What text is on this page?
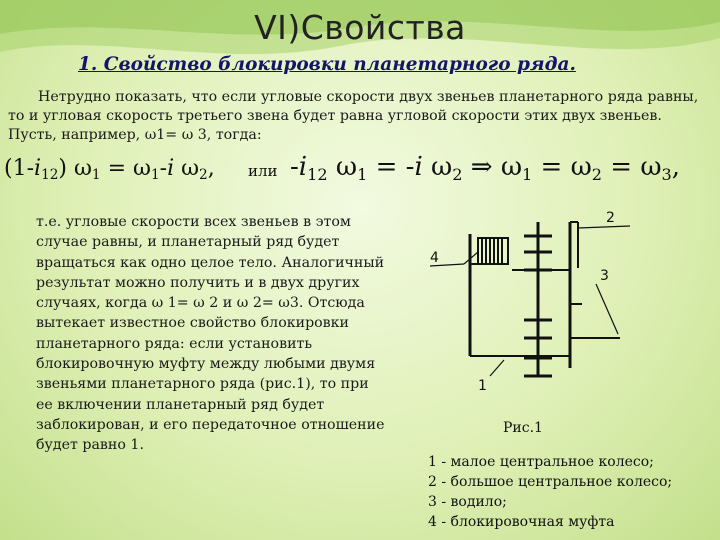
VI)Свойства
1. Свойство блокировки планетарного ряда.
Нетрудно показать, что если угловые скорости двух звеньев планетарного ряда равны, то и угловая скорость третьего звена будет равна угловой скорости этих двух звеньев. Пусть, например, ω1= ω 3, тогда:
$(1-i_{12}) \omega_1 = \omega_1-i$ $\omega_2$, или $-i_{12}$ $\omega_1 = -i$ $\omega_2$ ⇒ $\omega_1 = \omega_2 = \omega_3$,
т.е. угловые скорости всех звеньев в этом случае равны, и планетарный ряд будет вращаться как одно целое тело. Аналогичный результат можно получить и в двух других случаях, когда ω 1= ω 2 и ω 2= ω3. Отсюда вытекает известное свойство блокировки планетарного ряда: если установить блокировочную муфту между любыми двумя звеньями планетарного ряда (рис.1), то при ее включении планетарный ряд будет заблокирован, и его передаточное отношение будет равно 1.
2
4
3
1
Рис.1
1 - малое центральное колесо;
2 - большое центральное колесо;
3 - водило;
4 - блокировочная муфта
